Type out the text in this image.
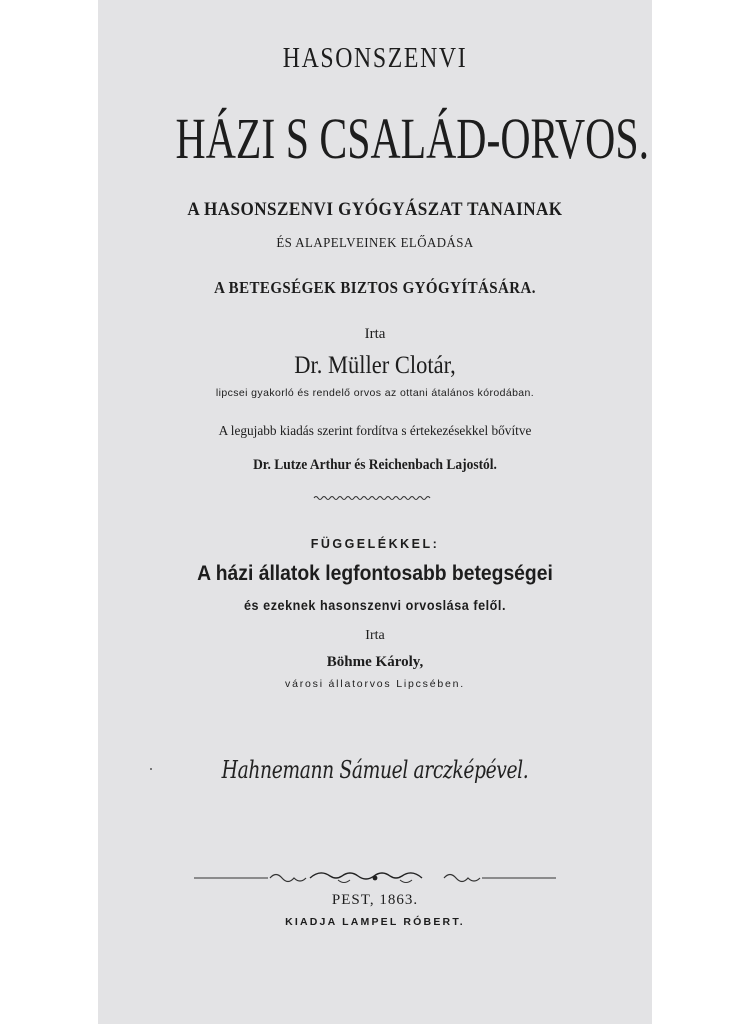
HASONSZENVI
HÁZI S CSALÁD-ORVOS.
A HASONSZENVI GYÓGYÁSZAT TANAINAK
ÉS ALAPELVEINEK ELŐADÁSA
A BETEGSÉGEK BIZTOS GYÓGYÍTÁSÁRA.
Irta
Dr. Müller Clotár,
lipcsei gyakorló és rendelő orvos az ottani átalános kórodában.
A legujabb kiadás szerint fordítva s értekezésekkel bővítve
Dr. Lutze Arthur és Reichenbach Lajostól.
FÜGGELÉKKEL:
A házi állatok legfontosabb betegségei
és ezeknek hasonszenvi orvoslása felől.
Irta
Böhme Károly,
városi állatorvos Lipcsében.
Hahnemann Sámuel arczképével.
PEST, 1863.
KIADJA LAMPEL RÓBERT.
